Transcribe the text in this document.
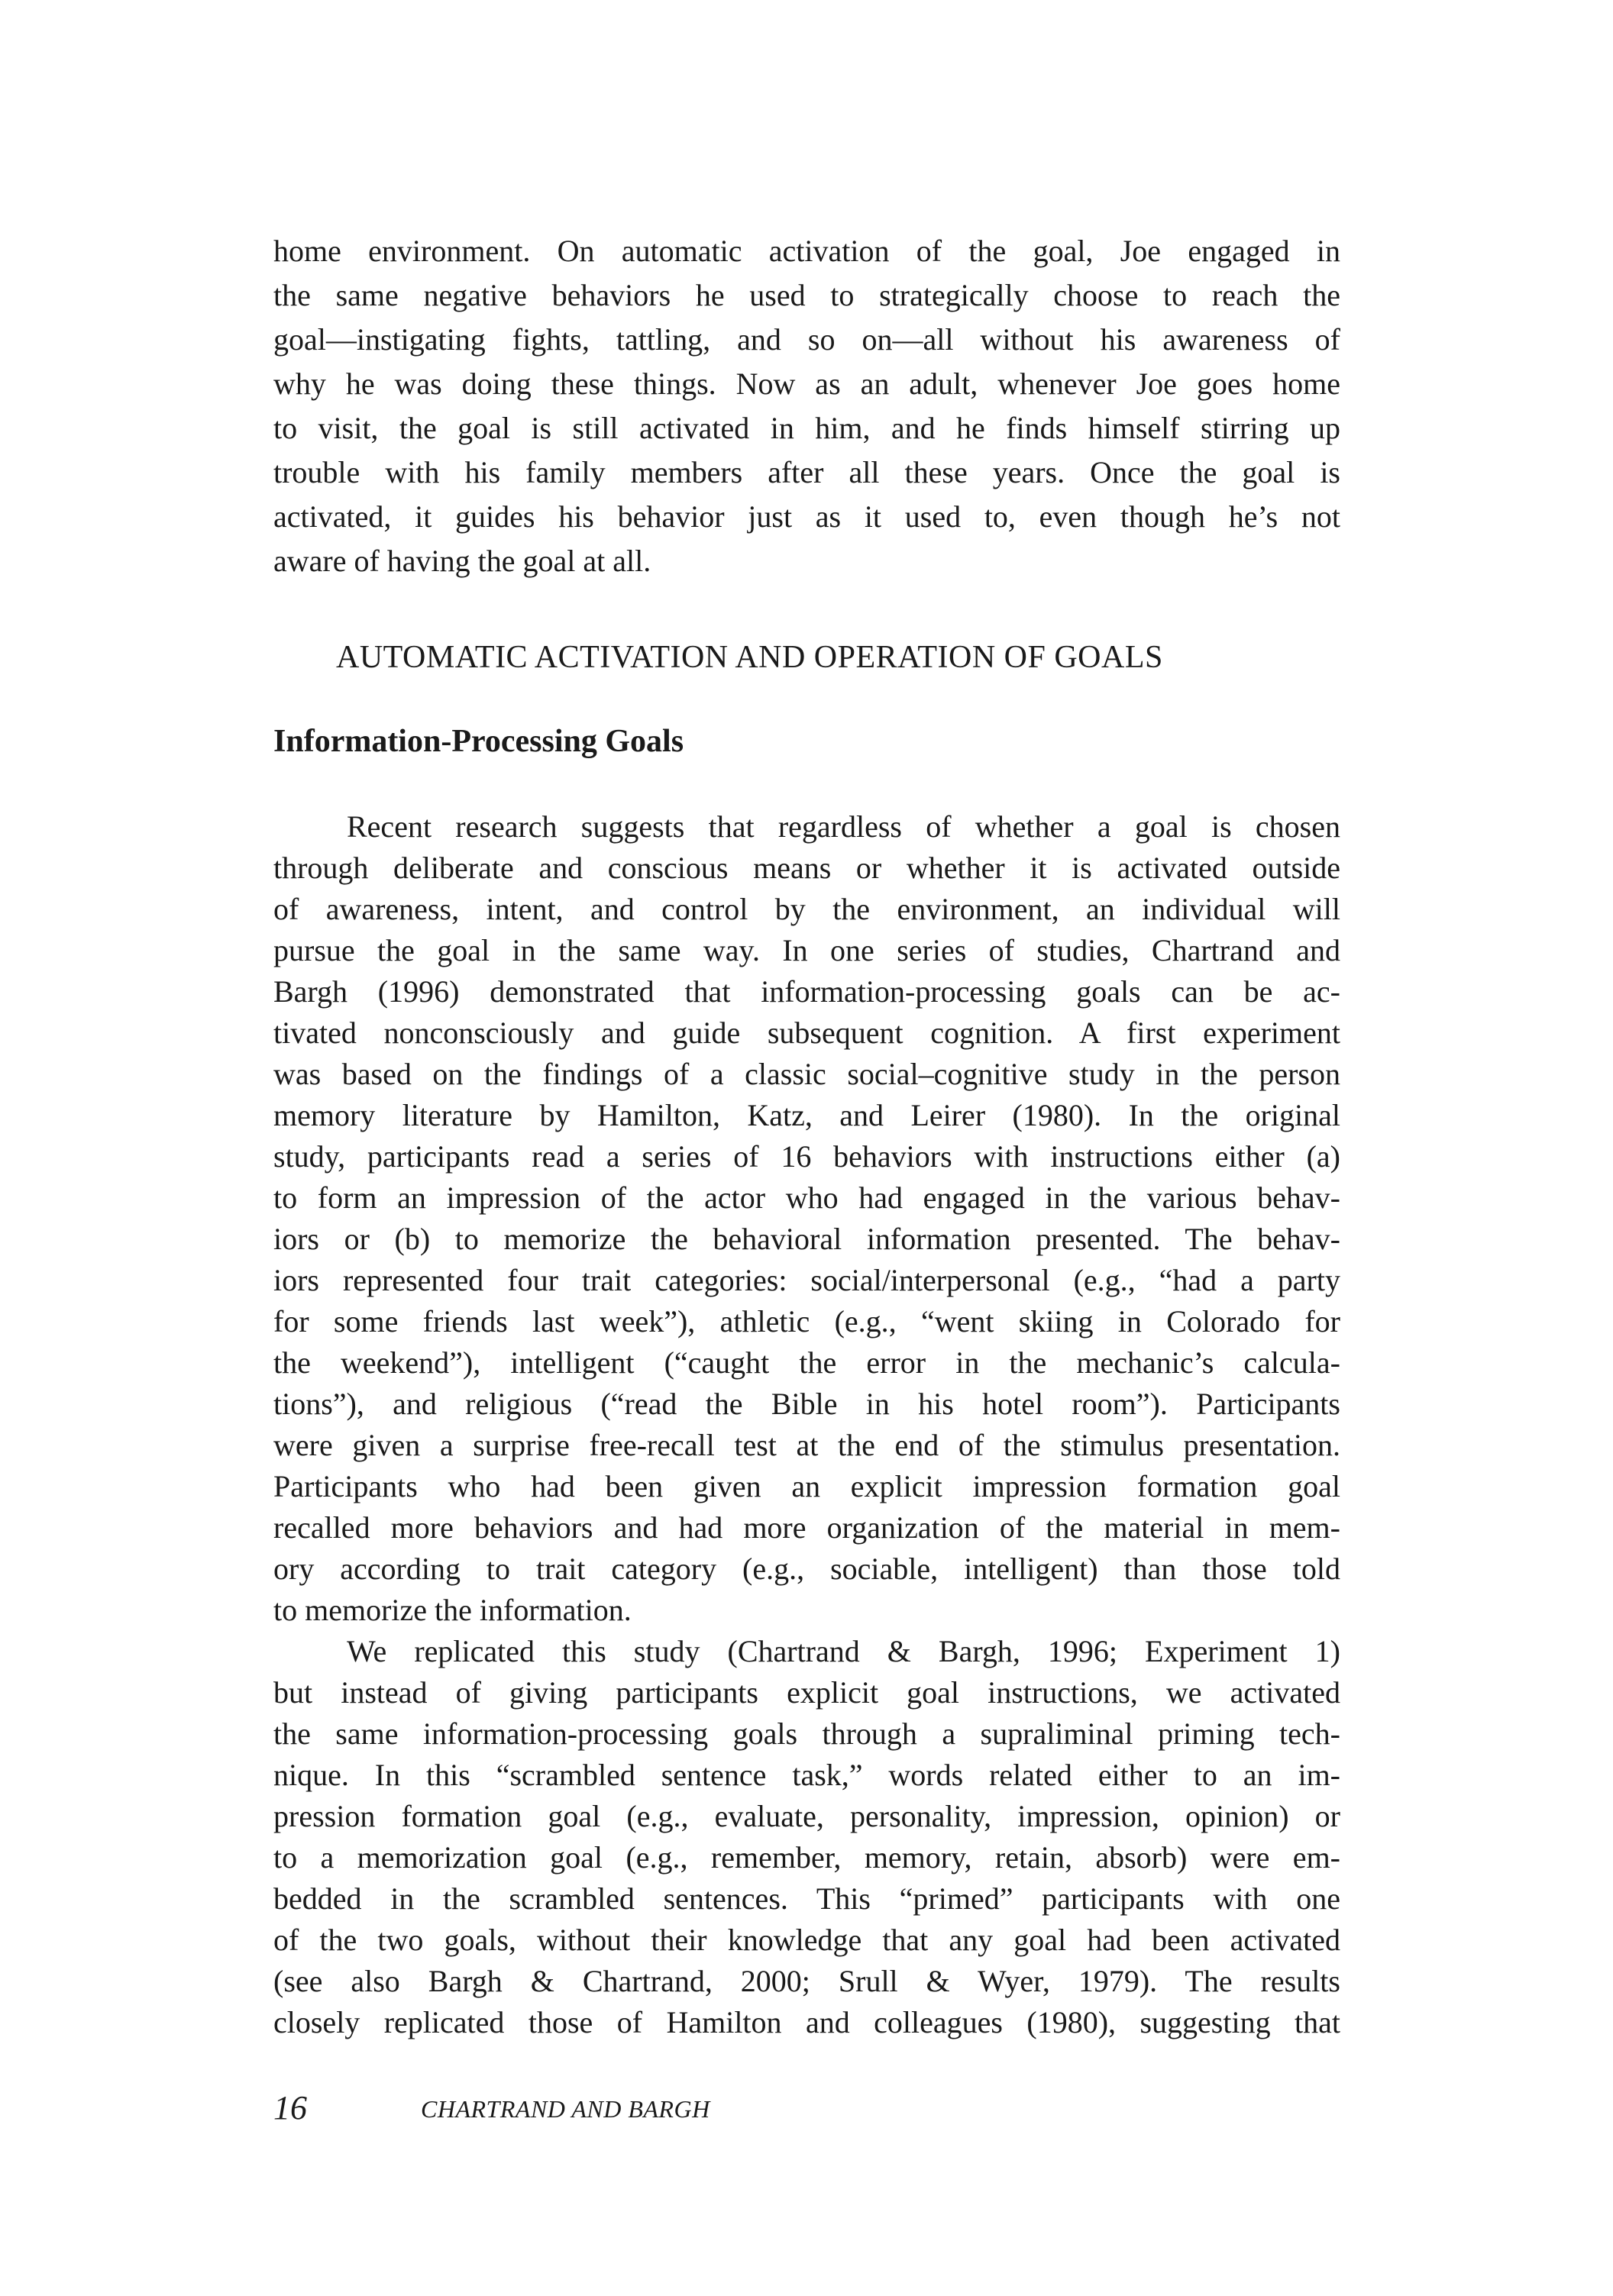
home environment. On automatic activation of the goal, Joe engaged in
the same negative behaviors he used to strategically choose to reach the
goal—instigating fights, tattling, and so on—all without his awareness of
why he was doing these things. Now as an adult, whenever Joe goes home
to visit, the goal is still activated in him, and he finds himself stirring up
trouble with his family members after all these years. Once the goal is
activated, it guides his behavior just as it used to, even though he’s not
aware of having the goal at all.
AUTOMATIC ACTIVATION AND OPERATION OF GOALS
Information-Processing Goals
Recent research suggests that regardless of whether a goal is chosen
through deliberate and conscious means or whether it is activated outside
of awareness, intent, and control by the environment, an individual will
pursue the goal in the same way. In one series of studies, Chartrand and
Bargh (1996) demonstrated that information-processing goals can be ac-
tivated nonconsciously and guide subsequent cognition. A first experiment
was based on the findings of a classic social–cognitive study in the person
memory literature by Hamilton, Katz, and Leirer (1980). In the original
study, participants read a series of 16 behaviors with instructions either (a)
to form an impression of the actor who had engaged in the various behav-
iors or (b) to memorize the behavioral information presented. The behav-
iors represented four trait categories: social/interpersonal (e.g., “had a party
for some friends last week”), athletic (e.g., “went skiing in Colorado for
the weekend”), intelligent (“caught the error in the mechanic’s calcula-
tions”), and religious (“read the Bible in his hotel room”). Participants
were given a surprise free-recall test at the end of the stimulus presentation.
Participants who had been given an explicit impression formation goal
recalled more behaviors and had more organization of the material in mem-
ory according to trait category (e.g., sociable, intelligent) than those told
to memorize the information.
We replicated this study (Chartrand & Bargh, 1996; Experiment 1)
but instead of giving participants explicit goal instructions, we activated
the same information-processing goals through a supraliminal priming tech-
nique. In this “scrambled sentence task,” words related either to an im-
pression formation goal (e.g., evaluate, personality, impression, opinion) or
to a memorization goal (e.g., remember, memory, retain, absorb) were em-
bedded in the scrambled sentences. This “primed” participants with one
of the two goals, without their knowledge that any goal had been activated
(see also Bargh & Chartrand, 2000; Srull & Wyer, 1979). The results
closely replicated those of Hamilton and colleagues (1980), suggesting that
16	CHARTRAND AND BARGH
